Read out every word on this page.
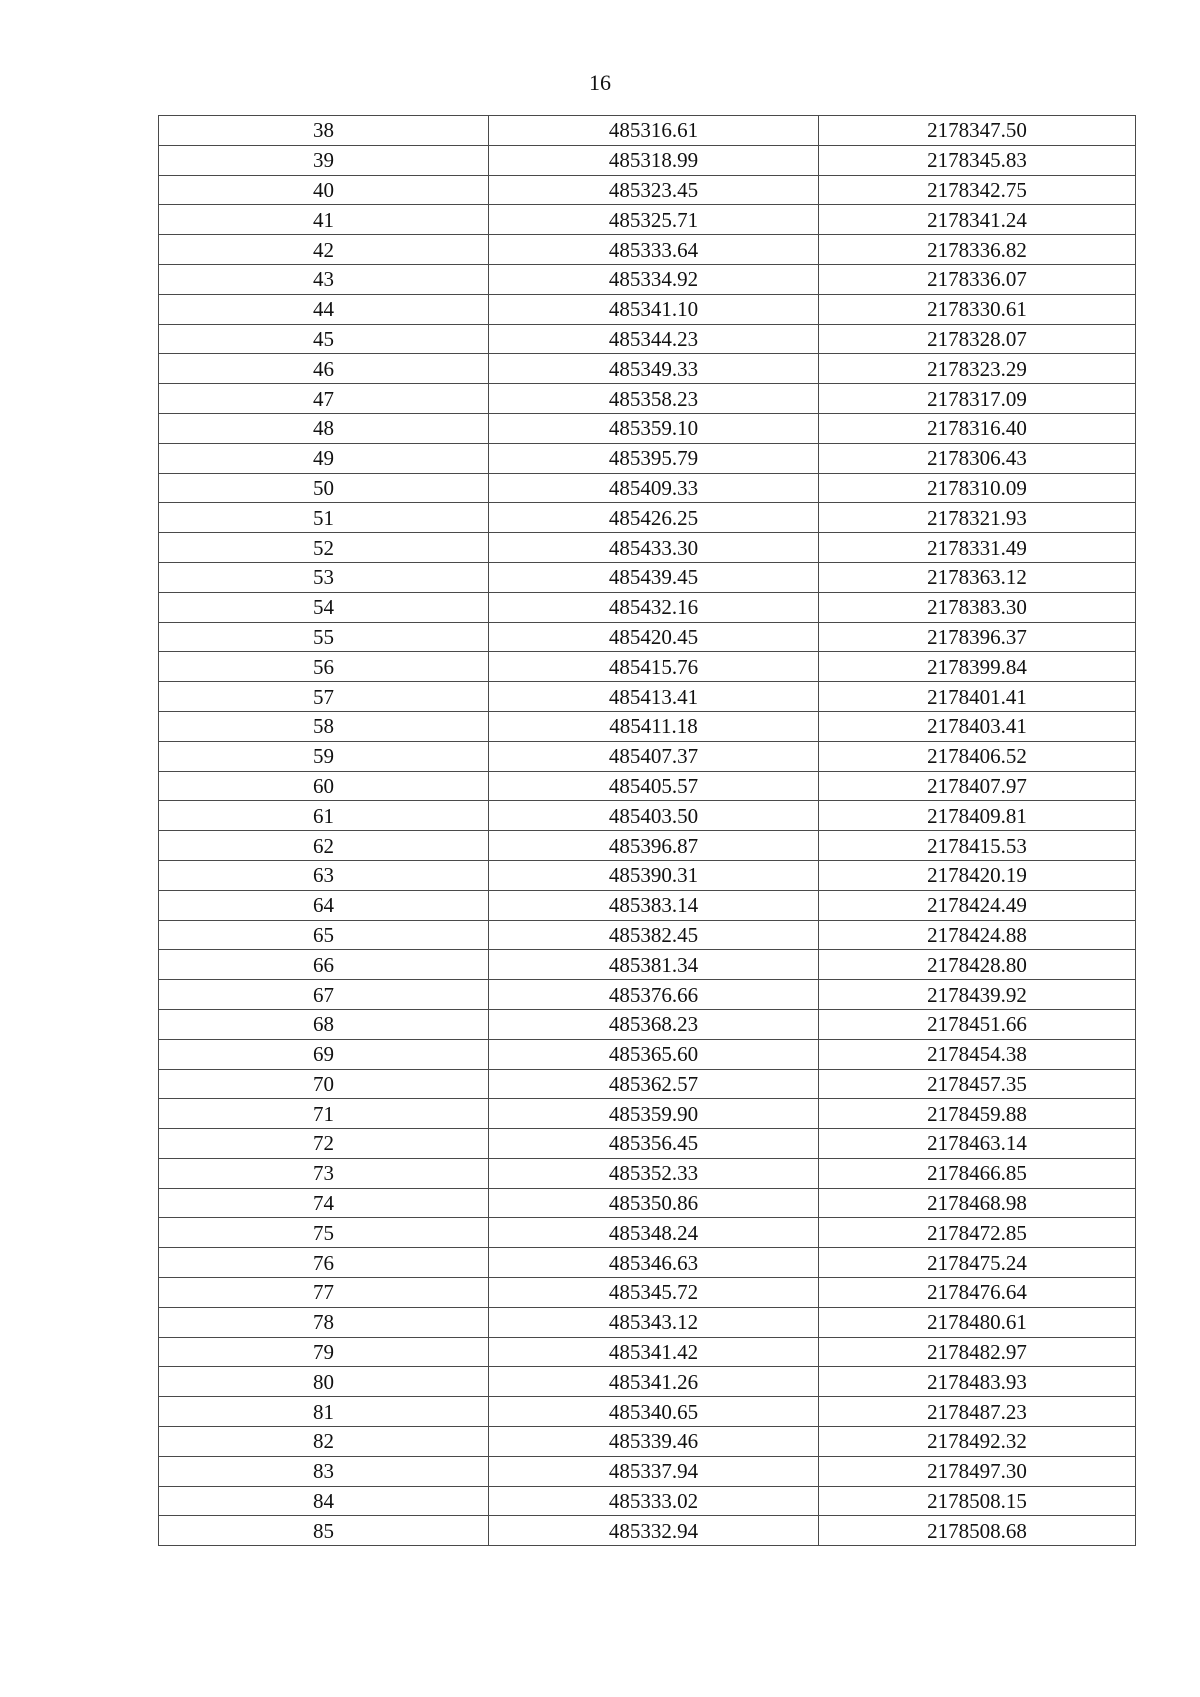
16
38	485316.61	2178347.50
39	485318.99	2178345.83
40	485323.45	2178342.75
41	485325.71	2178341.24
42	485333.64	2178336.82
43	485334.92	2178336.07
44	485341.10	2178330.61
45	485344.23	2178328.07
46	485349.33	2178323.29
47	485358.23	2178317.09
48	485359.10	2178316.40
49	485395.79	2178306.43
50	485409.33	2178310.09
51	485426.25	2178321.93
52	485433.30	2178331.49
53	485439.45	2178363.12
54	485432.16	2178383.30
55	485420.45	2178396.37
56	485415.76	2178399.84
57	485413.41	2178401.41
58	485411.18	2178403.41
59	485407.37	2178406.52
60	485405.57	2178407.97
61	485403.50	2178409.81
62	485396.87	2178415.53
63	485390.31	2178420.19
64	485383.14	2178424.49
65	485382.45	2178424.88
66	485381.34	2178428.80
67	485376.66	2178439.92
68	485368.23	2178451.66
69	485365.60	2178454.38
70	485362.57	2178457.35
71	485359.90	2178459.88
72	485356.45	2178463.14
73	485352.33	2178466.85
74	485350.86	2178468.98
75	485348.24	2178472.85
76	485346.63	2178475.24
77	485345.72	2178476.64
78	485343.12	2178480.61
79	485341.42	2178482.97
80	485341.26	2178483.93
81	485340.65	2178487.23
82	485339.46	2178492.32
83	485337.94	2178497.30
84	485333.02	2178508.15
85	485332.94	2178508.68
